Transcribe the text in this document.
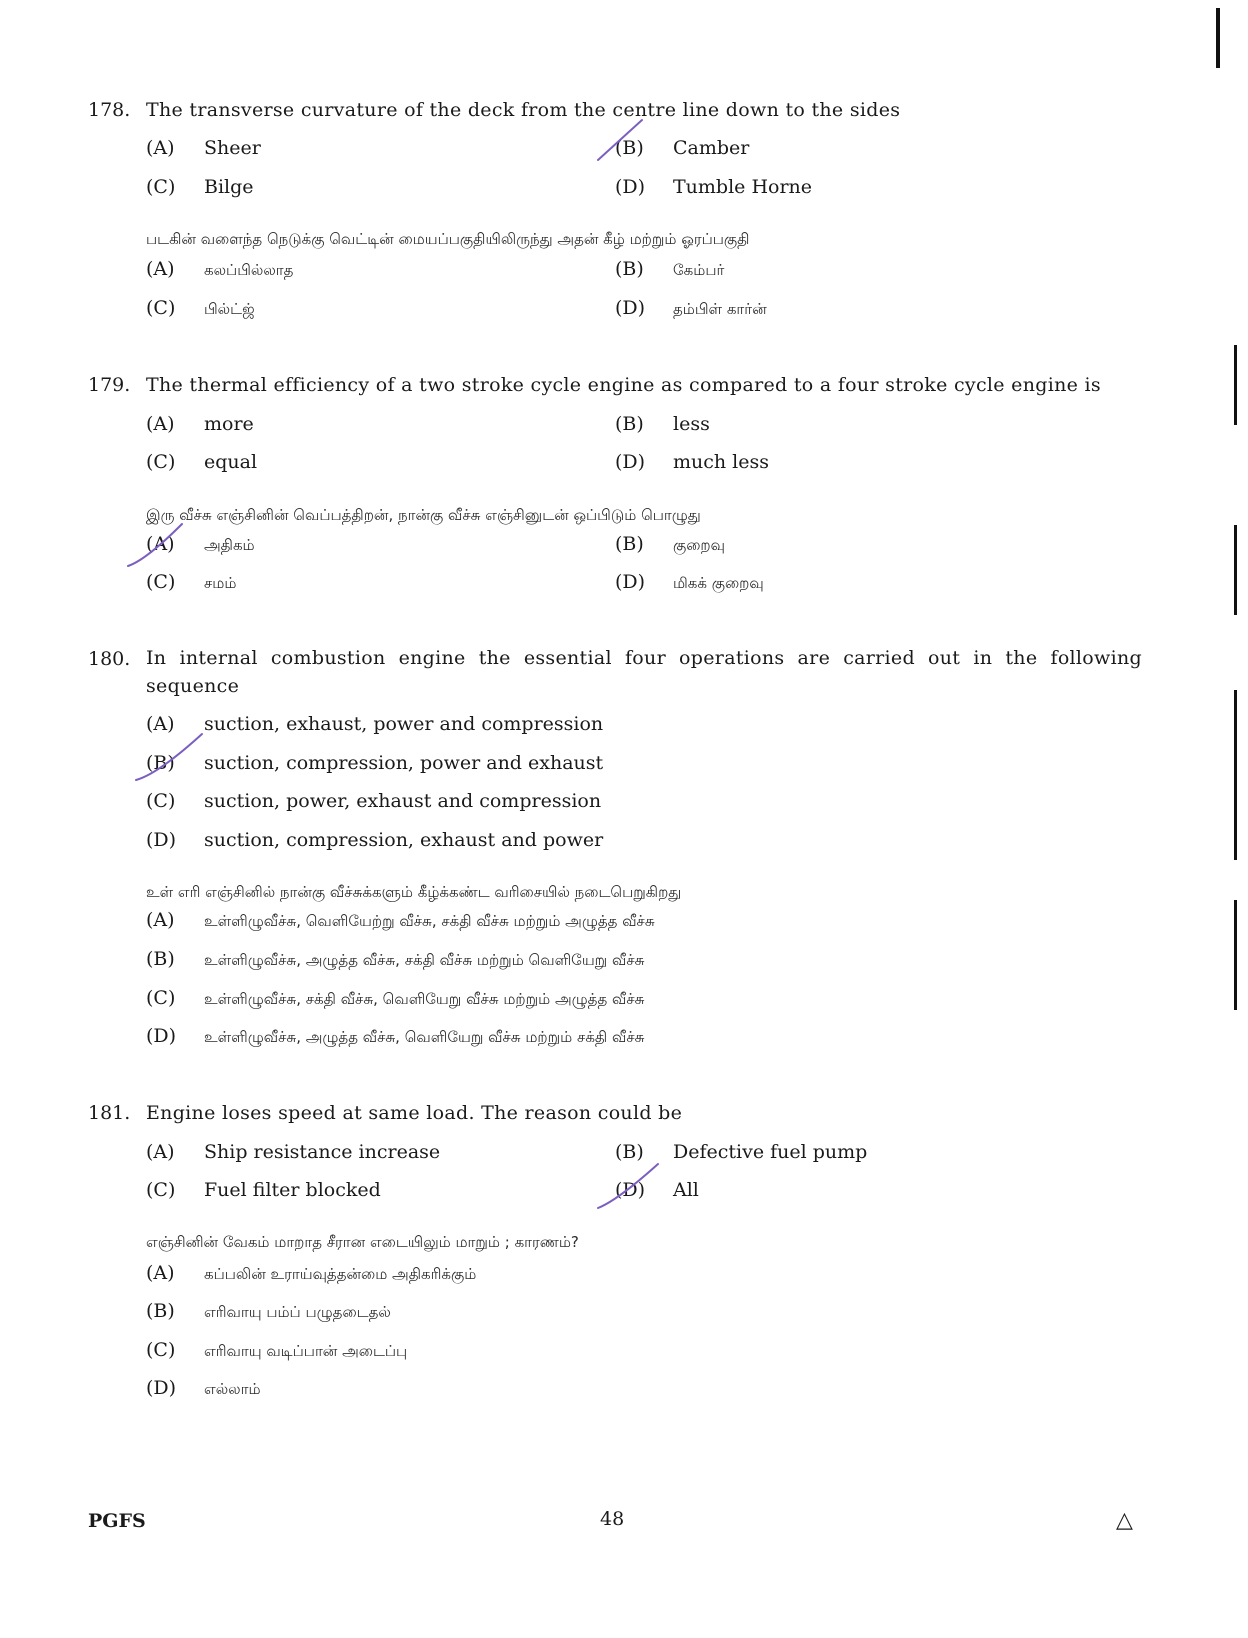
178. The transverse curvature of the deck from the centre line down to the sides
(A) Sheer	(B) Camber
(C) Bilge	(D) Tumble Horne
படகின் வளைந்த நெடுக்கு வெட்டின் மையப்பகுதியிலிருந்து அதன் கீழ் மற்றும் ஓரப்பகுதி
(A) கலப்பில்லாத	(B) கேம்பர்
(C) பில்ட்ஜ்	(D) தம்பிள் கார்ன்
179. The thermal efficiency of a two stroke cycle engine as compared to a four stroke cycle engine is
(A) more	(B) less
(C) equal	(D) much less
இரு வீச்சு எஞ்சினின் வெப்பத்திறன், நான்கு வீச்சு எஞ்சினுடன் ஒப்பிடும் பொழுது
(A) அதிகம்	(B) குறைவு
(C) சமம்	(D) மிகக் குறைவு
180. In internal combustion engine the essential four operations are carried out in the following sequence
(A) suction, exhaust, power and compression
(B) suction, compression, power and exhaust
(C) suction, power, exhaust and compression
(D) suction, compression, exhaust and power
உள் எரி எஞ்சினில் நான்கு வீச்சுக்களும் கீழ்க்கண்ட வரிசையில் நடைபெறுகிறது
(A) உள்ளிழுவீச்சு, வெளியேற்று வீச்சு, சக்தி வீச்சு மற்றும் அழுத்த வீச்சு
(B) உள்ளிழுவீச்சு, அழுத்த வீச்சு, சக்தி வீச்சு மற்றும் வெளியேறு வீச்சு
(C) உள்ளிழுவீச்சு, சக்தி வீச்சு, வெளியேறு வீச்சு மற்றும் அழுத்த வீச்சு
(D) உள்ளிழுவீச்சு, அழுத்த வீச்சு, வெளியேறு வீச்சு மற்றும் சக்தி வீச்சு
181. Engine loses speed at same load. The reason could be
(A) Ship resistance increase	(B) Defective fuel pump
(C) Fuel filter blocked	(D) All
எஞ்சினின் வேகம் மாறாத சீரான எடையிலும் மாறும் ; காரணம்?
(A) கப்பலின் உராய்வுத்தன்மை அதிகரிக்கும்
(B) எரிவாயு பம்ப் பழுதடைதல்
(C) எரிவாயு வடிப்பான் அடைப்பு
(D) எல்லாம்
PGFS	48	△
